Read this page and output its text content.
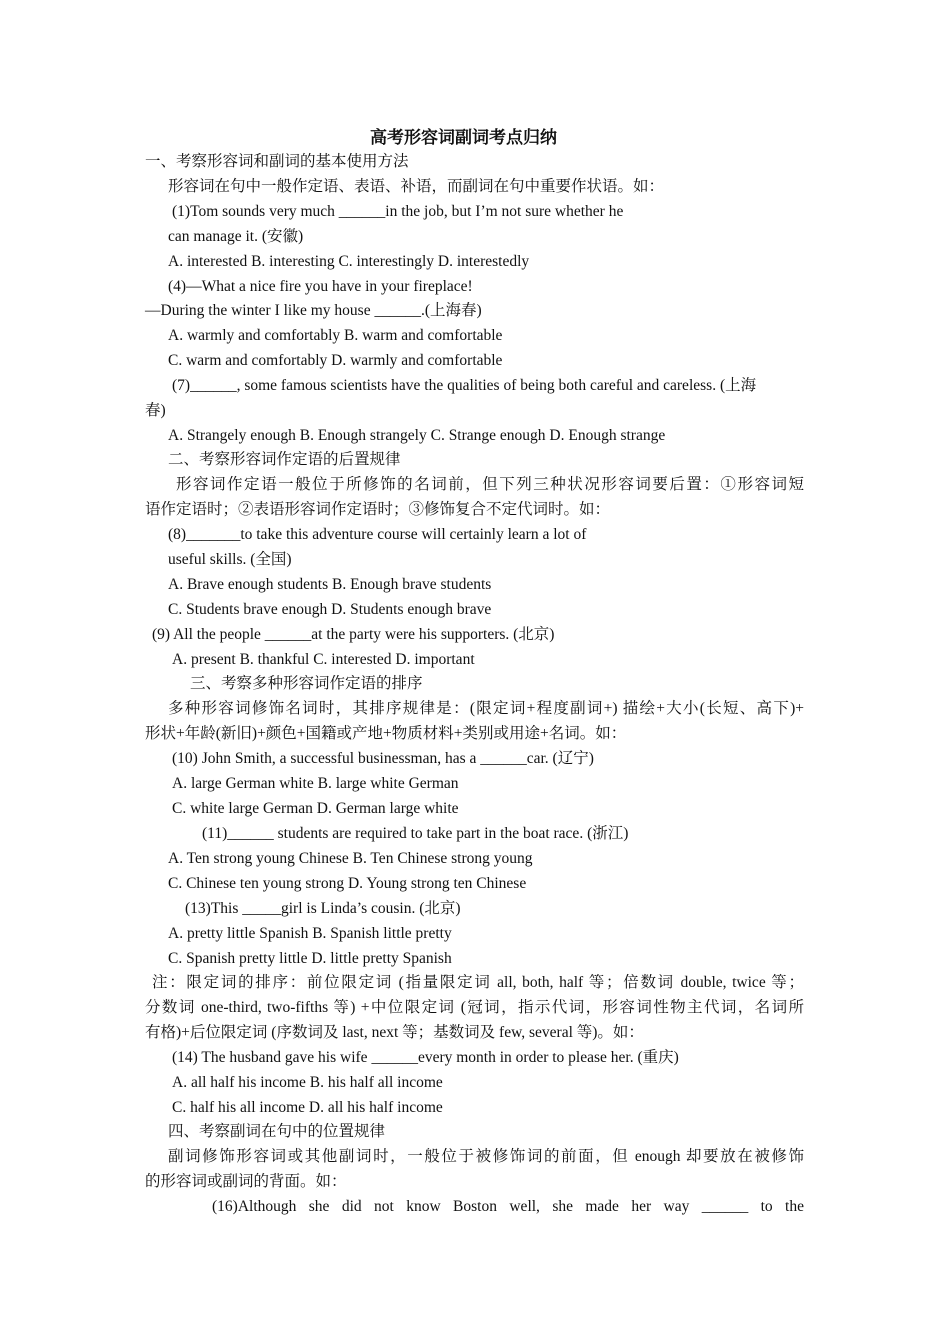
高考形容词副词考点归纳
一、考察形容词和副词的基本使用方法
形容词在句中一般作定语、表语、补语，而副词在句中重要作状语。如：
(1)Tom sounds very much ______in the job, but I’m not sure whether he
can manage it. (安徽)
A. interested B. interesting C. interestingly D. interestedly
(4)—What a nice fire you have in your fireplace!
—During the winter I like my house ______.(上海春)
A. warmly and comfortably B. warm and comfortable
C. warm and comfortably D. warmly and comfortable
(7)______, some famous scientists have the qualities of being both careful and careless. (上海
春)
A. Strangely enough B. Enough strangely C. Strange enough D. Enough strange
二、考察形容词作定语的后置规律
形容词作定语一般位于所修饰的名词前，但下列三种状况形容词要后置：①形容词短
语作定语时；②表语形容词作定语时；③修饰复合不定代词时。如：
(8)_______to take this adventure course will certainly learn a lot of
useful skills. (全国)
A. Brave enough students B. Enough brave students
C. Students brave enough D. Students enough brave
(9) All the people ______at the party were his supporters. (北京)
A. present B. thankful C. interested D. important
三、考察多种形容词作定语的排序
多种形容词修饰名词时，其排序规律是：(限定词+程度副词+) 描绘+大小(长短、高下)+
形状+年龄(新旧)+颜色+国籍或产地+物质材料+类别或用途+名词。如：
(10) John Smith, a successful businessman, has a ______car. (辽宁)
A. large German white B. large white German
C. white large German D. German large white
(11)______ students are required to take part in the boat race. (浙江)
A. Ten strong young Chinese B. Ten Chinese strong young
C. Chinese ten young strong D. Young strong ten Chinese
(13)This _____girl is Linda’s cousin. (北京)
A. pretty little Spanish B. Spanish little pretty
C. Spanish pretty little D. little pretty Spanish
注：限定词的排序：前位限定词 (指量限定词 all, both, half 等；倍数词 double, twice 等；
分数词 one-third, two-fifths 等) +中位限定词 (冠词，指示代词，形容词性物主代词，名词所
有格)+后位限定词 (序数词及 last, next 等；基数词及 few, several 等)。如：
(14) The husband gave his wife ______every month in order to please her. (重庆)
A. all half his income B. his half all income
C. half his all income D. all his half income
四、考察副词在句中的位置规律
副词修饰形容词或其他副词时，一般位于被修饰词的前面，但 enough 却要放在被修饰
的形容词或副词的背面。如：
(16)Although she did not know Boston well, she made her way ______ to the
